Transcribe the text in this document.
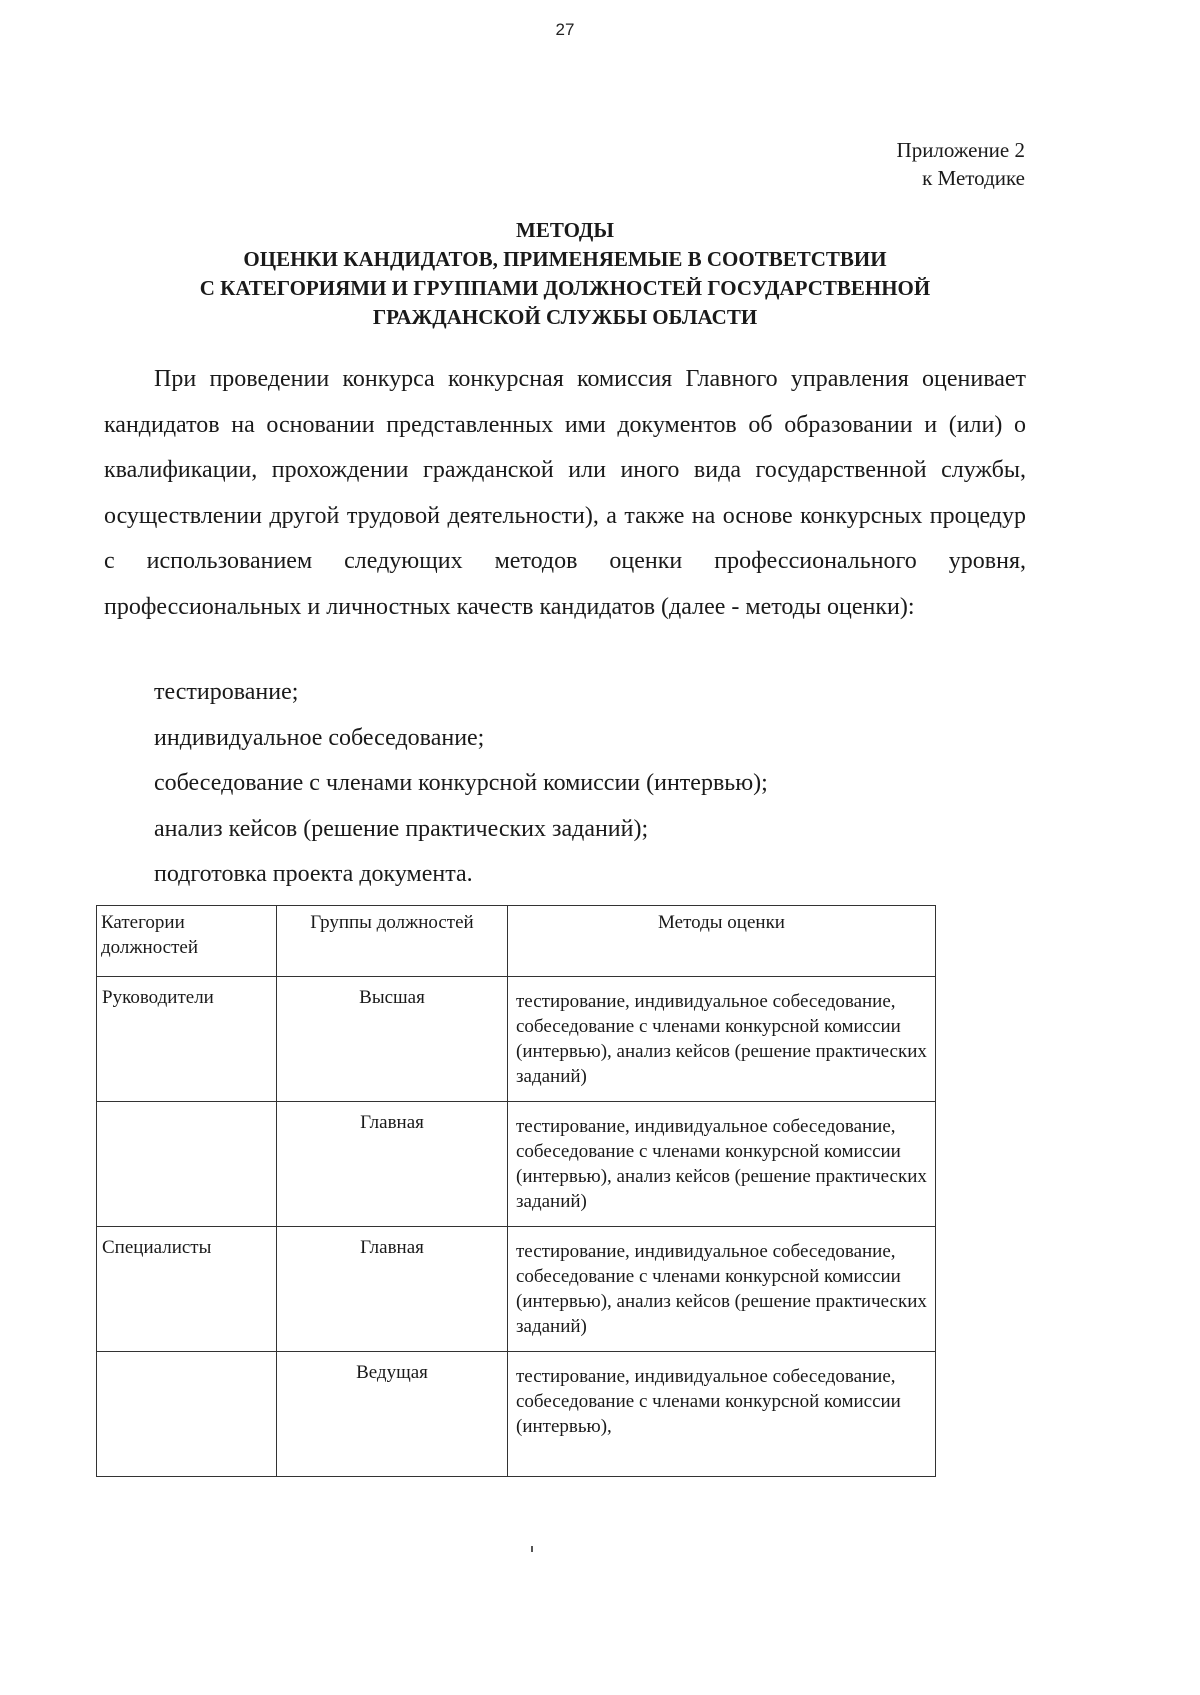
27
Приложение 2
к Методике
МЕТОДЫ
ОЦЕНКИ КАНДИДАТОВ, ПРИМЕНЯЕМЫЕ В СООТВЕТСТВИИ
С КАТЕГОРИЯМИ И ГРУППАМИ ДОЛЖНОСТЕЙ ГОСУДАРСТВЕННОЙ
ГРАЖДАНСКОЙ СЛУЖБЫ ОБЛАСТИ

При проведении конкурса конкурсная комиссия Главного управления оценивает кандидатов на основании представленных ими документов об образовании и (или) о квалификации, прохождении гражданской или иного вида государственной службы, осуществлении другой трудовой деятельности), а также на основе конкурсных процедур с использованием следующих методов оценки профессионального уровня, профессиональных и личностных качеств кандидатов (далее - методы оценки):

тестирование;
индивидуальное собеседование;
собеседование с членами конкурсной комиссии (интервью);
анализ кейсов (решение практических заданий);
подготовка проекта документа.
Категории должностей	Группы должностей	Методы оценки
Руководители	Высшая	тестирование, индивидуальное собеседование, собеседование с членами конкурсной комиссии (интервью), анализ кейсов (решение практических заданий)
	Главная	тестирование, индивидуальное собеседование, собеседование с членами конкурсной комиссии (интервью), анализ кейсов (решение практических заданий)
Специалисты	Главная	тестирование, индивидуальное собеседование, собеседование с членами конкурсной комиссии (интервью), анализ кейсов (решение практических заданий)
	Ведущая	тестирование, индивидуальное собеседование, собеседование с членами конкурсной комиссии (интервью),
